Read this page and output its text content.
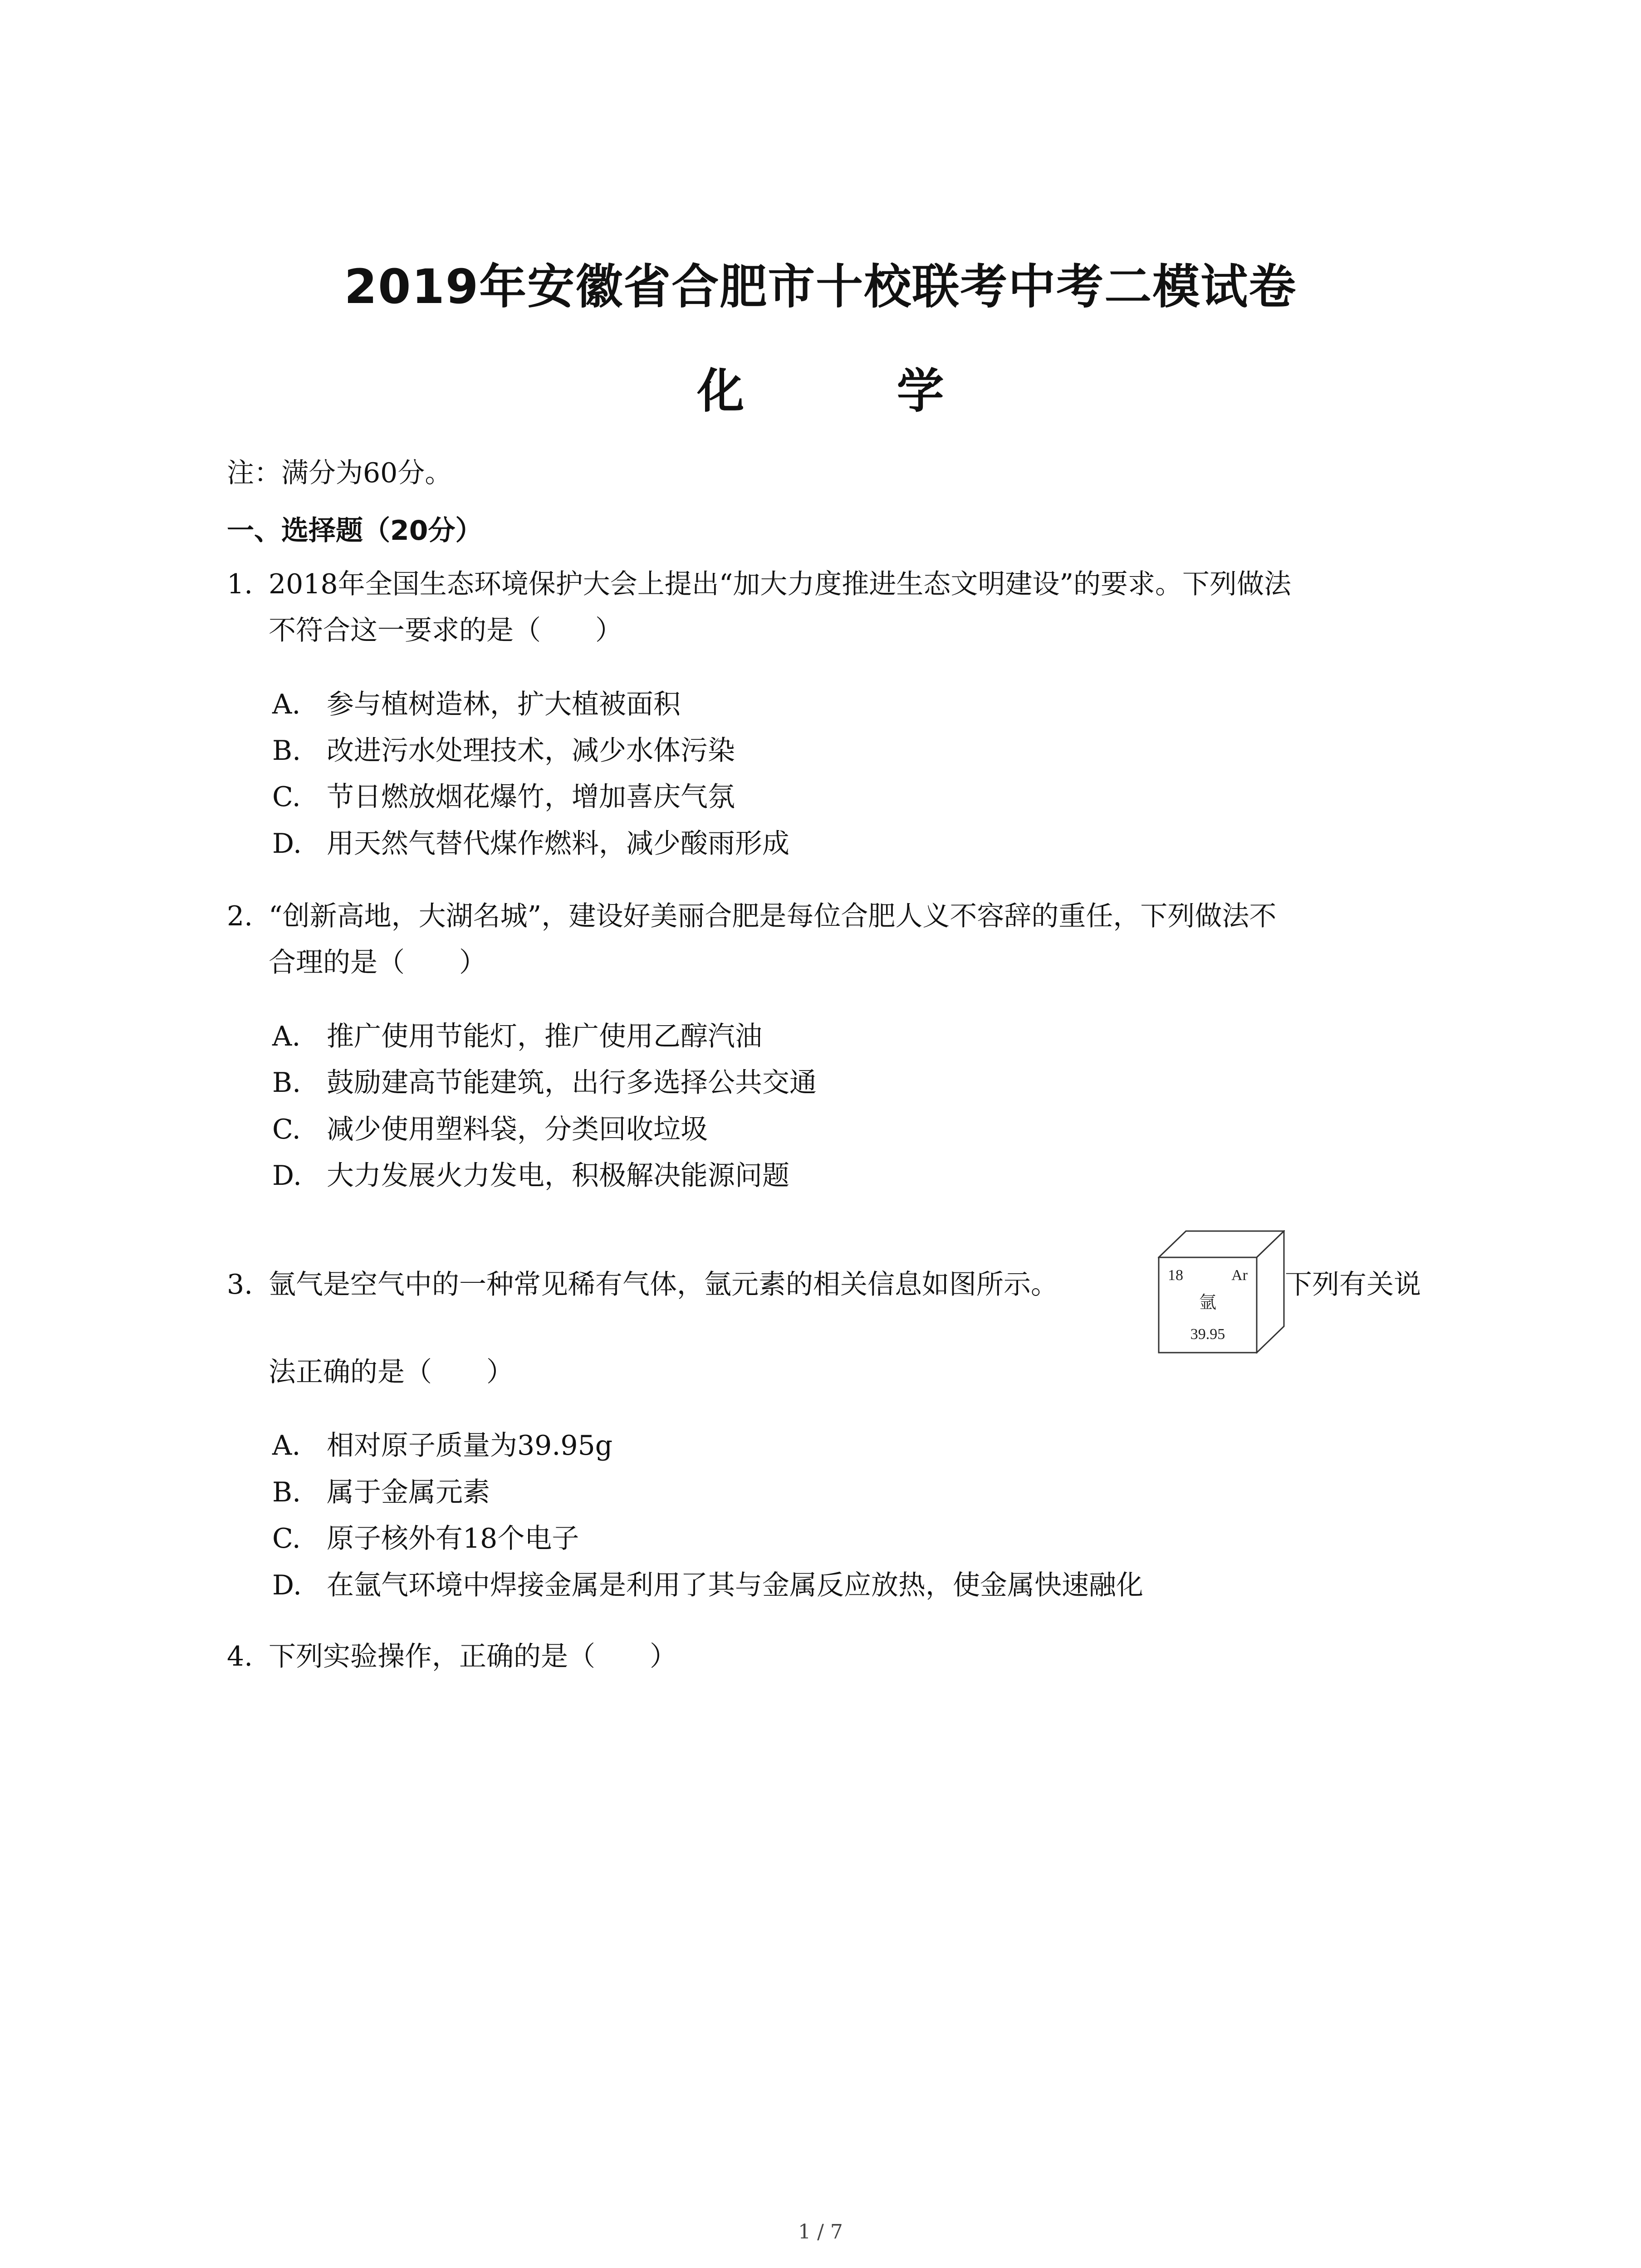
2019年安徽省合肥市十校联考中考二模试卷
化 学

注：满分为60分。

一、选择题（20分）

1. 2018年全国生态环境保护大会上提出“加大力度推进生态文明建设”的要求。下列做法

不符合这一要求的是（　　）

A. 参与植树造林，扩大植被面积

B. 改进污水处理技术，减少水体污染

C. 节日燃放烟花爆竹，增加喜庆气氛

D. 用天然气替代煤作燃料，减少酸雨形成

2. “创新高地，大湖名城”，建设好美丽合肥是每位合肥人义不容辞的重任，下列做法不

合理的是（　　）

A. 推广使用节能灯，推广使用乙醇汽油

B. 鼓励建高节能建筑，出行多选择公共交通

C. 减少使用塑料袋，分类回收垃圾

D. 大力发展火力发电，积极解决能源问题

3. 氩气是空气中的一种常见稀有气体，氩元素的相关信息如图所示。	下列有关说

18	Ar
氩
39.95

法正确的是（　　）

A. 相对原子质量为39.95g

B. 属于金属元素

C. 原子核外有18个电子

D. 在氩气环境中焊接金属是利用了其与金属反应放热，使金属快速融化

4. 下列实验操作，正确的是（　　）

1 / 7
